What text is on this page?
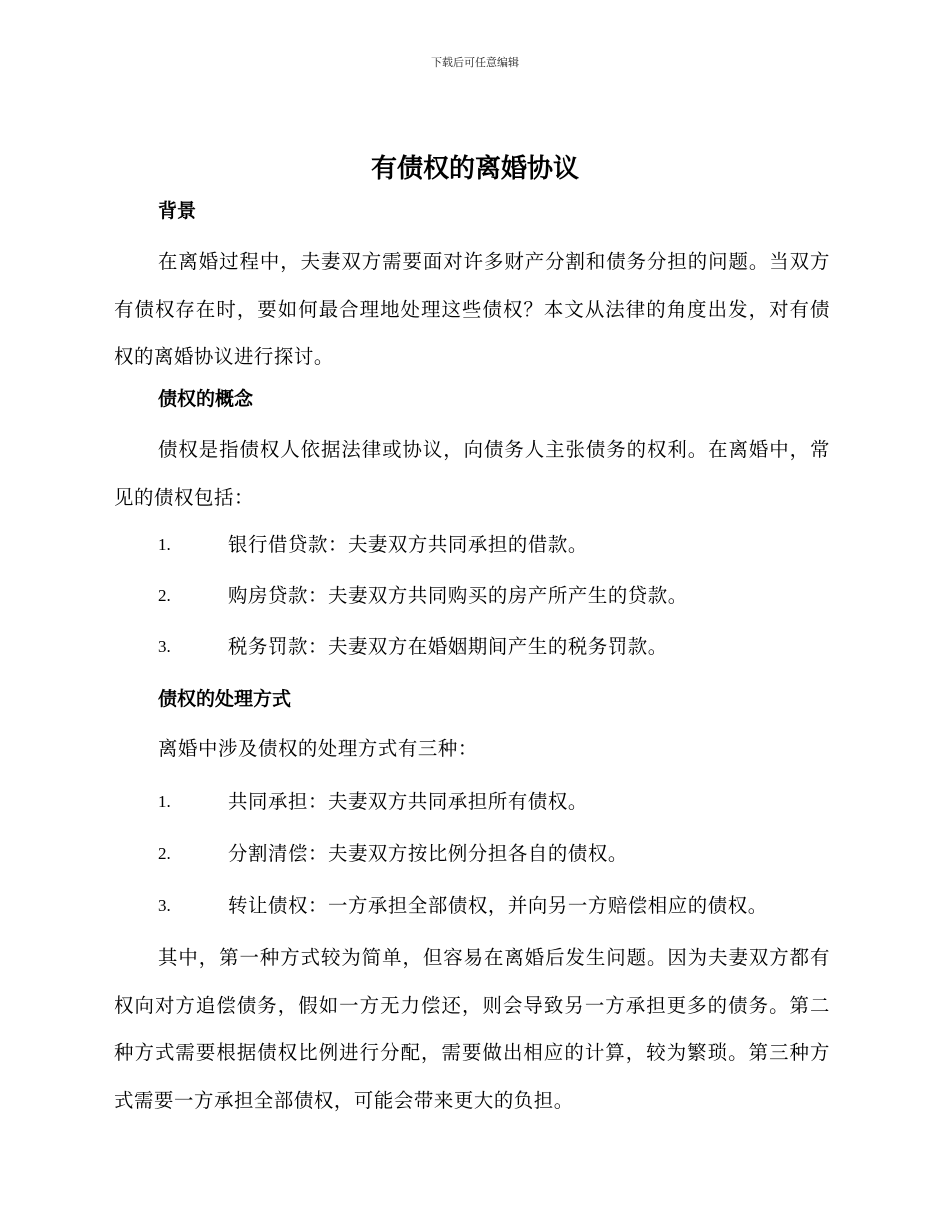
下载后可任意编辑
有债权的离婚协议
背景

在离婚过程中，夫妻双方需要面对许多财产分割和债务分担的问题。当双方有债权存在时，要如何最合理地处理这些债权？本文从法律的角度出发，对有债权的离婚协议进行探讨。

债权的概念

债权是指债权人依据法律或协议，向债务人主张债务的权利。在离婚中，常见的债权包括：

1.	银行借贷款：夫妻双方共同承担的借款。
2.	购房贷款：夫妻双方共同购买的房产所产生的贷款。
3.	税务罚款：夫妻双方在婚姻期间产生的税务罚款。
债权的处理方式
离婚中涉及债权的处理方式有三种：
1.	共同承担：夫妻双方共同承担所有债权。
2.	分割清偿：夫妻双方按比例分担各自的债权。
3.	转让债权：一方承担全部债权，并向另一方赔偿相应的债权。

其中，第一种方式较为简单，但容易在离婚后发生问题。因为夫妻双方都有权向对方追偿债务，假如一方无力偿还，则会导致另一方承担更多的债务。第二种方式需要根据债权比例进行分配，需要做出相应的计算，较为繁琐。第三种方式需要一方承担全部债权，可能会带来更大的负担。
